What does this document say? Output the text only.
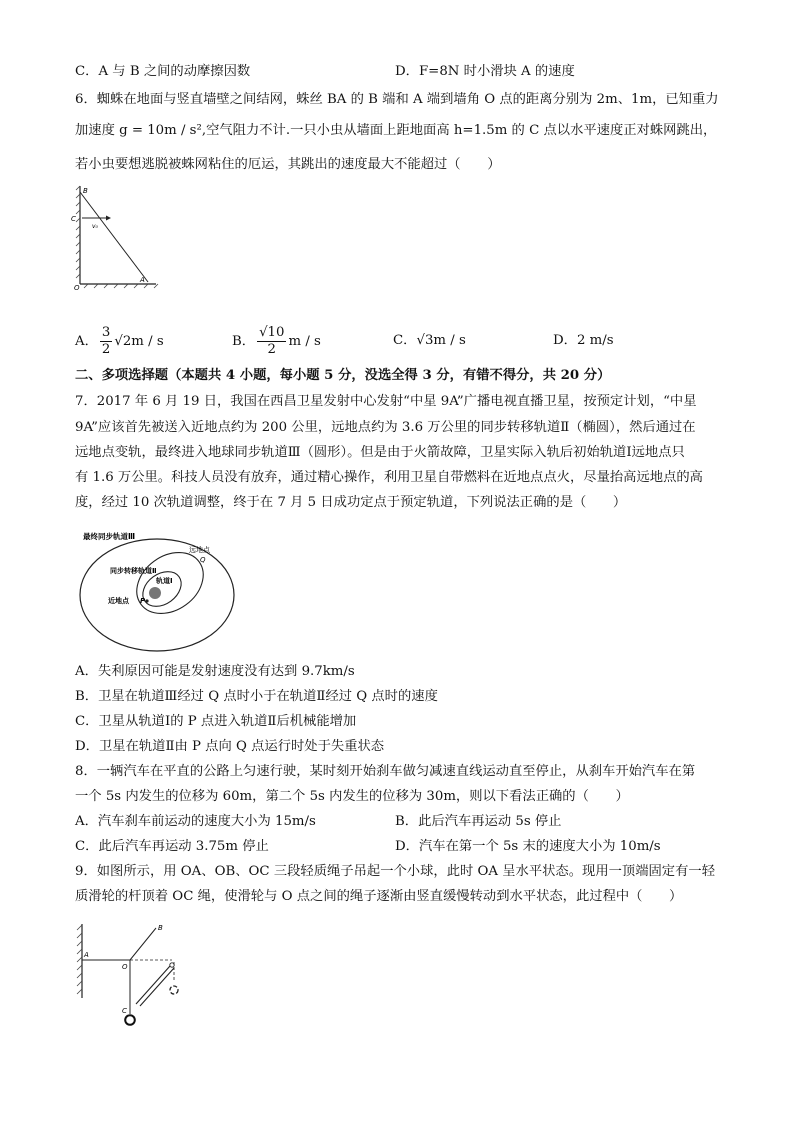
C．A 与 B 之间的动摩擦因数	D．F=8N 时小滑块 A 的速度
6．蜘蛛在地面与竖直墙壁之间结网，蛛丝 BA 的 B 端和 A 端到墙角 O 点的距离分别为 2m、1m，已知重力
加速度 g = 10m / s²,空气阻力不计.一只小虫从墙面上距地面高 h=1.5m 的 C 点以水平速度正对蛛网跳出，
若小虫要想逃脱被蛛网粘住的厄运，其跳出的速度最大不能超过（　　）
B
C
v₀
O
A
A． $\frac{3}{2} √2m$ / s	B． $\frac{√10}{2}$ m / s	C．√3m / s	D．2 m/s
二、多项选择题（本题共 4 小题，每小题 5 分，没选全得 3 分，有错不得分，共 20 分）
7．2017 年 6 月 19 日，我国在西昌卫星发射中心发射“中星 9A”广播电视直播卫星，按预定计划，“中星
9A”应该首先被送入近地点约为 200 公里，远地点约为 3.6 万公里的同步转移轨道Ⅱ（椭圆），然后通过在
远地点变轨，最终进入地球同步轨道Ⅲ（圆形）。但是由于火箭故障，卫星实际入轨后初始轨道Ⅰ远地点只
有 1.6 万公里。科技人员没有放弃，通过精心操作，利用卫星自带燃料在近地点点火，尽量抬高远地点的高
度，经过 10 次轨道调整，终于在 7 月 5 日成功定点于预定轨道，下列说法正确的是（　　）
最终同步轨道Ⅲ
远地点
Q
同步转移轨道Ⅱ
轨道Ⅰ
近地点 P
A．失利原因可能是发射速度没有达到 9.7km/s
B．卫星在轨道Ⅲ经过 Q 点时小于在轨道Ⅱ经过 Q 点时的速度
C．卫星从轨道Ⅰ的 P 点进入轨道Ⅱ后机械能增加
D．卫星在轨道Ⅱ由 P 点向 Q 点运行时处于失重状态
8．一辆汽车在平直的公路上匀速行驶，某时刻开始刹车做匀减速直线运动直至停止，从刹车开始汽车在第
一个 5s 内发生的位移为 60m，第二个 5s 内发生的位移为 30m，则以下看法正确的（　　）
A．汽车刹车前运动的速度大小为 15m/s	B．此后汽车再运动 5s 停止
C．此后汽车再运动 3.75m 停止	D．汽车在第一个 5s 末的速度大小为 10m/s
9．如图所示，用 OA、OB、OC 三段轻质绳子吊起一个小球，此时 OA 呈水平状态。现用一顶端固定有一轻
质滑轮的杆顶着 OC 绳，使滑轮与 O 点之间的绳子逐渐由竖直缓慢转动到水平状态，此过程中（　　）
B
A
O
C
